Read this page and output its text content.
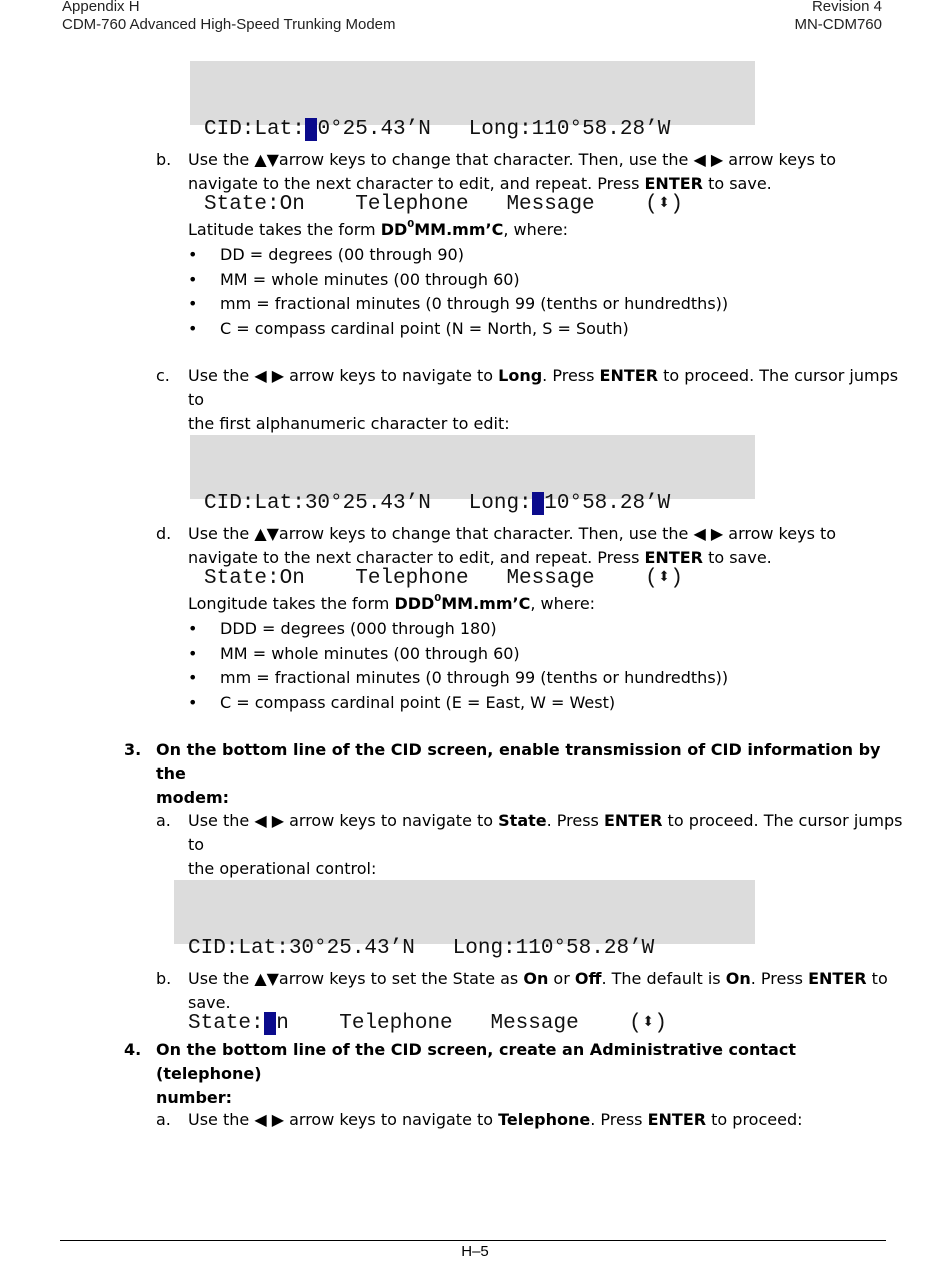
Appendix H
CDM-760 Advanced High-Speed Trunking Modem
Revision 4
MN-CDM760

CID:Lat:30°25.43’N   Long:110°58.28’W

State:On    Telephone   Message    (⬍)

b. Use the ▲▼arrow keys to change that character. Then, use the ◀ ▶ arrow keys to
navigate to the next character to edit, and repeat. Press ENTER to save.
Latitude takes the form $DD^0MM.mm’C$, where:
• DD = degrees (00 through 90)
• MM = whole minutes (00 through 60)
• mm = fractional minutes (0 through 99 (tenths or hundredths))
• C = compass cardinal point (N = North, S = South)
c. Use the ◀ ▶ arrow keys to navigate to Long. Press ENTER to proceed. The cursor jumps to
the first alphanumeric character to edit:

CID:Lat:30°25.43’N   Long:110°58.28’W

State:On    Telephone   Message    (⬍)

d. Use the ▲▼arrow keys to change that character. Then, use the ◀ ▶ arrow keys to
navigate to the next character to edit, and repeat. Press ENTER to save.
Longitude takes the form DDD$^0$MM.mm’C, where:
• DDD = degrees (000 through 180)
• MM = whole minutes (00 through 60)
• mm = fractional minutes (0 through 99 (tenths or hundredths))
• C = compass cardinal point (E = East, W = West)
3. On the bottom line of the CID screen, enable transmission of CID information by the
modem:
a. Use the ◀ ▶ arrow keys to navigate to State. Press ENTER to proceed. The cursor jumps to
the operational control:

CID:Lat:30°25.43’N   Long:110°58.28’W

State:On    Telephone   Message    (⬍)

b. Use the ▲▼arrow keys to set the State as On or Off. The default is On. Press ENTER to
save.
4. On the bottom line of the CID screen, create an Administrative contact (telephone)
number:
a. Use the ◀ ▶ arrow keys to navigate to Telephone. Press ENTER to proceed:
H–5
